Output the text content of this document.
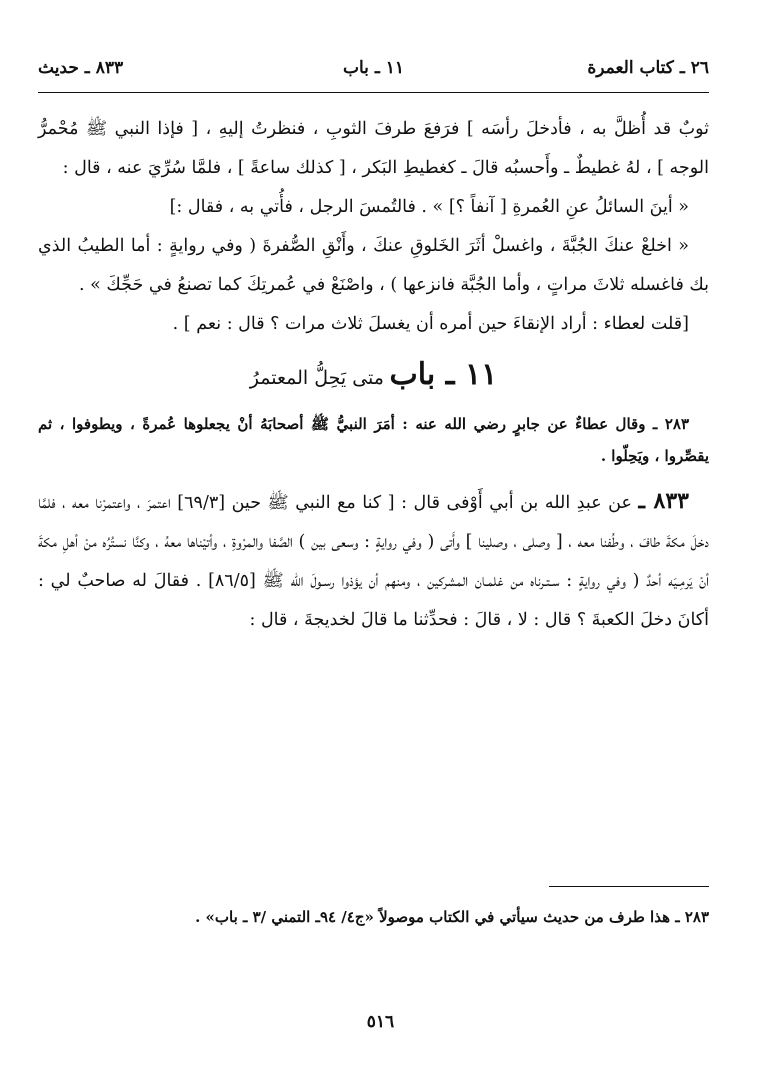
٢٦ ـ كتاب العمرة
١١ ـ باب
٨٣٣ ـ حديث

ثوبٌ قد أُظلَّ به ، فأدخلَ رأسَه ] فرَفعَ طرفَ الثوبِ ، فنظرتُ إليهِ ، [ فإذا النبي ﷺ مُحْمرُّ الوجه ] ، لهُ غطيطٌ ـ وأَحسبُه قالَ ـ كغطيطِ البَكر ، [ كذلك ساعةً ] ، فلمَّا سُرِّيَ عنه ، قال :

« أينَ السائلُ عنِ العُمرةِ [ آنفاً ؟] » . فالتُمسَ الرجل ، فأُتي به ، فقال :]

« اخلعْ عنكَ الجُبَّةَ ، واغسلْ أثَرَ الخَلوقِ عنكَ ، وأَنْقِ الصُّفرةَ ( وفي روايةٍ : أما الطيبُ الذي بك فاغسله ثلاثَ مراتٍ ، وأما الجُبَّة فانزعها ) ، واصْنَعْ في عُمرتِكَ كما تصنعُ في حَجِّكَ » .

[قلت لعطاء : أراد الإنقاءَ حين أمره أن يغسلَ ثلاث مرات ؟ قال : نعم ] .

١١ ـ باب متى يَحِلُّ المعتمرُ

٢٨٣ ـ وقال عطاءٌ عن جابرٍ رضي الله عنه : أمَرَ النبيُّ ﷺ أصحابَهُ أنْ يجعلوها عُمرةً ، ويطوفوا ، ثم يقصِّروا ، ويَحِلّوا .

٨٣٣ ـ عن عبدِ الله بن أبي أَوْفى قال : [ كنا مع النبي ﷺ حين [٦٩/٣] اعتمرَ ، واعتمرْنا معه ، فلمَّا دخلَ مكةَ طافَ ، وطُفنا معه ، [ وصلى ، وصلينا ] وأَتى ( وفي روايةٍ : وسعى بين ) الصَّفا والمرْوةِ ، وأتيْناها معهُ ، وكنَّا نستُرُه منْ أهلِ مكةَ أنْ يَرمِـيَه أحدٌ ( وفي روايةٍ : سـتـرناه من غلمـان المشركين ، ومنهم أن يؤذوا رسـولَ الله ﷺ [٨٦/٥] . فقالَ له صاحبٌ لي : أكانَ دخلَ الكعبةَ ؟ قال : لا ، قالَ : فحدِّثنا ما قالَ لخديجةَ ، قال :

٢٨٣ ـ هذا طرف من حديث سيأتي في الكتاب موصولاً «ج٤/ ٩٤ـ التمني /٣ ـ باب» .

٥١٦
